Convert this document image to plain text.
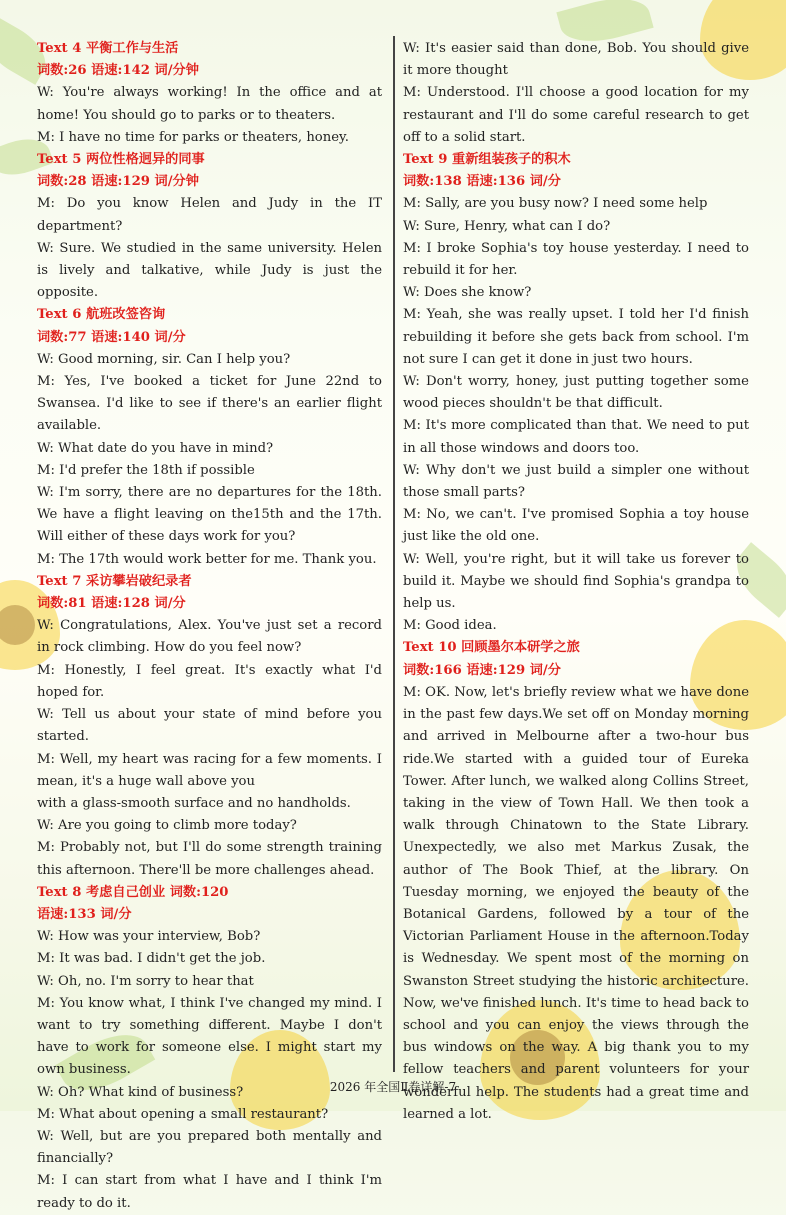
Text 4 平衡工作与生活

词数:26 语速:142 词/分钟

W: You're always working! In the office and at home! You should go to parks or to theaters.

M: I have no time for parks or theaters, honey.

Text 5 两位性格迥异的同事

词数:28 语速:129 词/分钟

M: Do you know Helen and Judy in the IT department?

W: Sure. We studied in the same university. Helen is lively and talkative, while Judy is just the opposite.

Text 6 航班改签咨询

词数:77 语速:140 词/分

W: Good morning, sir. Can I help you?

M: Yes, I've booked a ticket for June 22nd to Swansea. I'd like to see if there's an earlier flight available.

W: What date do you have in mind?

M: I'd prefer the 18th if possible

W: I'm sorry, there are no departures for the 18th. We have a flight leaving on the15th and the 17th. Will either of these days work for you?

M: The 17th would work better for me. Thank you.

Text 7 采访攀岩破纪录者

词数:81 语速:128 词/分

W: Congratulations, Alex. You've just set a record in rock climbing. How do you feel now?

M: Honestly, I feel great. It's exactly what I'd hoped for.

W: Tell us about your state of mind before you started.

M: Well, my heart was racing for a few moments. I mean, it's a huge wall above you

with a glass-smooth surface and no handholds.

W: Are you going to climb more today?

M: Probably not, but I'll do some strength training this afternoon. There'll be more challenges ahead.

Text 8 考虑自己创业 词数:120

语速:133 词/分

W: How was your interview, Bob?

M: It was bad. I didn't get the job.

W: Oh, no. I'm sorry to hear that

M: You know what, I think I've changed my mind. I want to try something different. Maybe I don't have to work for someone else. I might start my own business.

W: Oh? What kind of business?

M: What about opening a small restaurant?

W: Well, but are you prepared both mentally and financially?

M: I can start from what I have and I think I'm ready to do it.

W: It's easier said than done, Bob. You should give it more thought

M: Understood. I'll choose a good location for my restaurant and I'll do some careful research to get off to a solid start.

Text 9 重新组装孩子的积木

词数:138 语速:136 词/分

M: Sally, are you busy now? I need some help

W: Sure, Henry, what can I do?

M: I broke Sophia's toy house yesterday. I need to rebuild it for her.

W: Does she know?

M: Yeah, she was really upset. I told her I'd finish rebuilding it before she gets back from school. I'm not sure I can get it done in just two hours.

W: Don't worry, honey, just putting together some wood pieces shouldn't be that difficult.

M: It's more complicated than that. We need to put in all those windows and doors too.

W: Why don't we just build a simpler one without those small parts?

M: No, we can't. I've promised Sophia a toy house just like the old one.

W: Well, you're right, but it will take us forever to build it. Maybe we should find Sophia's grandpa to help us.

M: Good idea.

Text 10 回顾墨尔本研学之旅

词数:166 语速:129 词/分

M: OK. Now, let's briefly review what we have done in the past few days.We set off on Monday morning and arrived in Melbourne after a two-hour bus ride.We started with a guided tour of Eureka Tower. After lunch, we walked along Collins Street, taking in the view of Town Hall. We then took a walk through Chinatown to the State Library. Unexpectedly, we also met Markus Zusak, the author of The Book Thief, at the library. On Tuesday morning, we enjoyed the beauty of the Botanical Gardens, followed by a tour of the Victorian Parliament House in the afternoon.Today is Wednesday. We spent most of the morning on Swanston Street studying the historic architecture. Now, we've finished lunch. It's time to head back to school and you can enjoy the views through the bus windows on the way. A big thank you to my fellow teachers and parent volunteers for your wonderful help. The students had a great time and learned a lot.

2026 年全国Ⅱ卷详解-7
